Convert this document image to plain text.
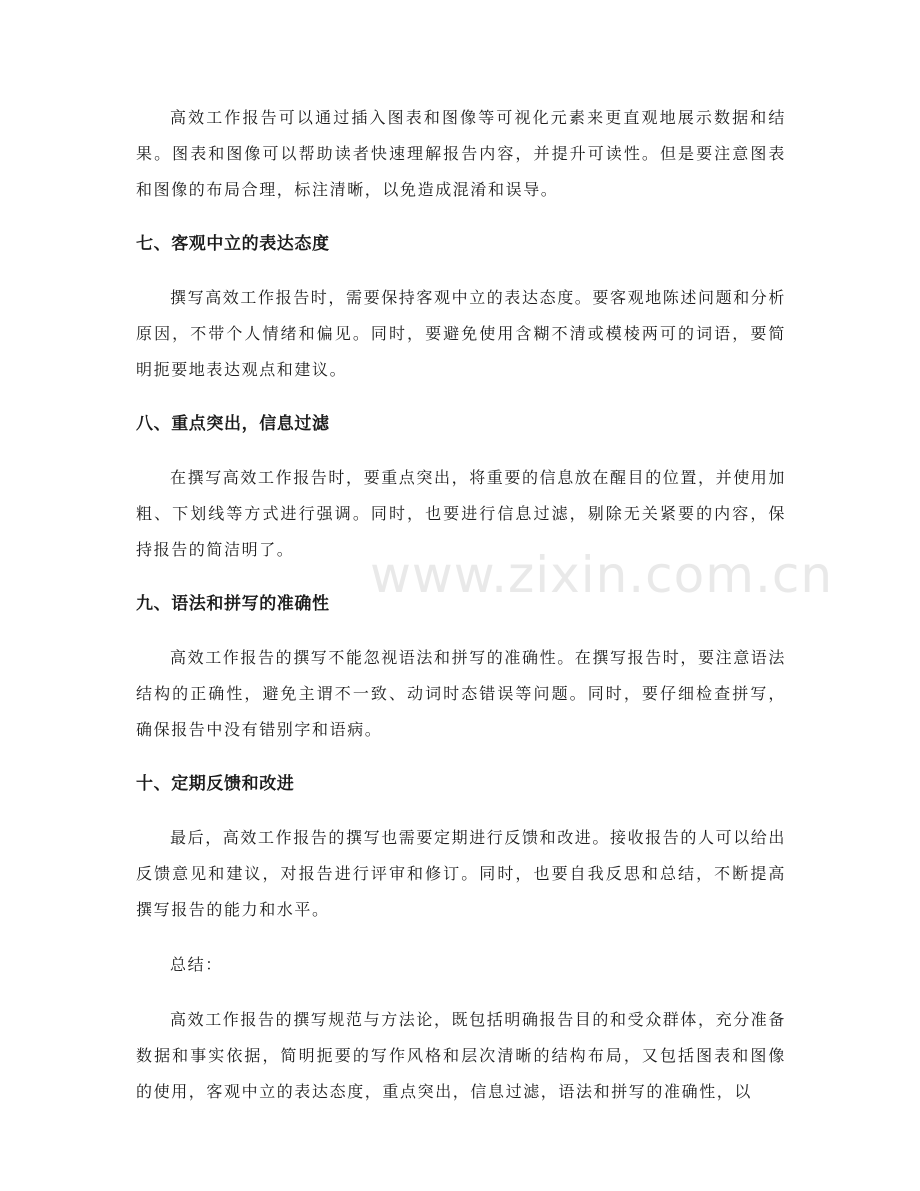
高效工作报告可以通过插入图表和图像等可视化元素来更直观地展示数据和结果。图表和图像可以帮助读者快速理解报告内容，并提升可读性。但是要注意图表和图像的布局合理，标注清晰，以免造成混淆和误导。

七、客观中立的表达态度

撰写高效工作报告时，需要保持客观中立的表达态度。要客观地陈述问题和分析原因，不带个人情绪和偏见。同时，要避免使用含糊不清或模棱两可的词语，要简明扼要地表达观点和建议。

八、重点突出，信息过滤

在撰写高效工作报告时，要重点突出，将重要的信息放在醒目的位置，并使用加粗、下划线等方式进行强调。同时，也要进行信息过滤，剔除无关紧要的内容，保持报告的简洁明了。

九、语法和拼写的准确性

高效工作报告的撰写不能忽视语法和拼写的准确性。在撰写报告时，要注意语法结构的正确性，避免主谓不一致、动词时态错误等问题。同时，要仔细检查拼写，确保报告中没有错别字和语病。

十、定期反馈和改进

最后，高效工作报告的撰写也需要定期进行反馈和改进。接收报告的人可以给出反馈意见和建议，对报告进行评审和修订。同时，也要自我反思和总结，不断提高撰写报告的能力和水平。

总结：

高效工作报告的撰写规范与方法论，既包括明确报告目的和受众群体，充分准备数据和事实依据，简明扼要的写作风格和层次清晰的结构布局，又包括图表和图像的使用，客观中立的表达态度，重点突出，信息过滤，语法和拼写的准确性，以

www.zixin.com.cn
